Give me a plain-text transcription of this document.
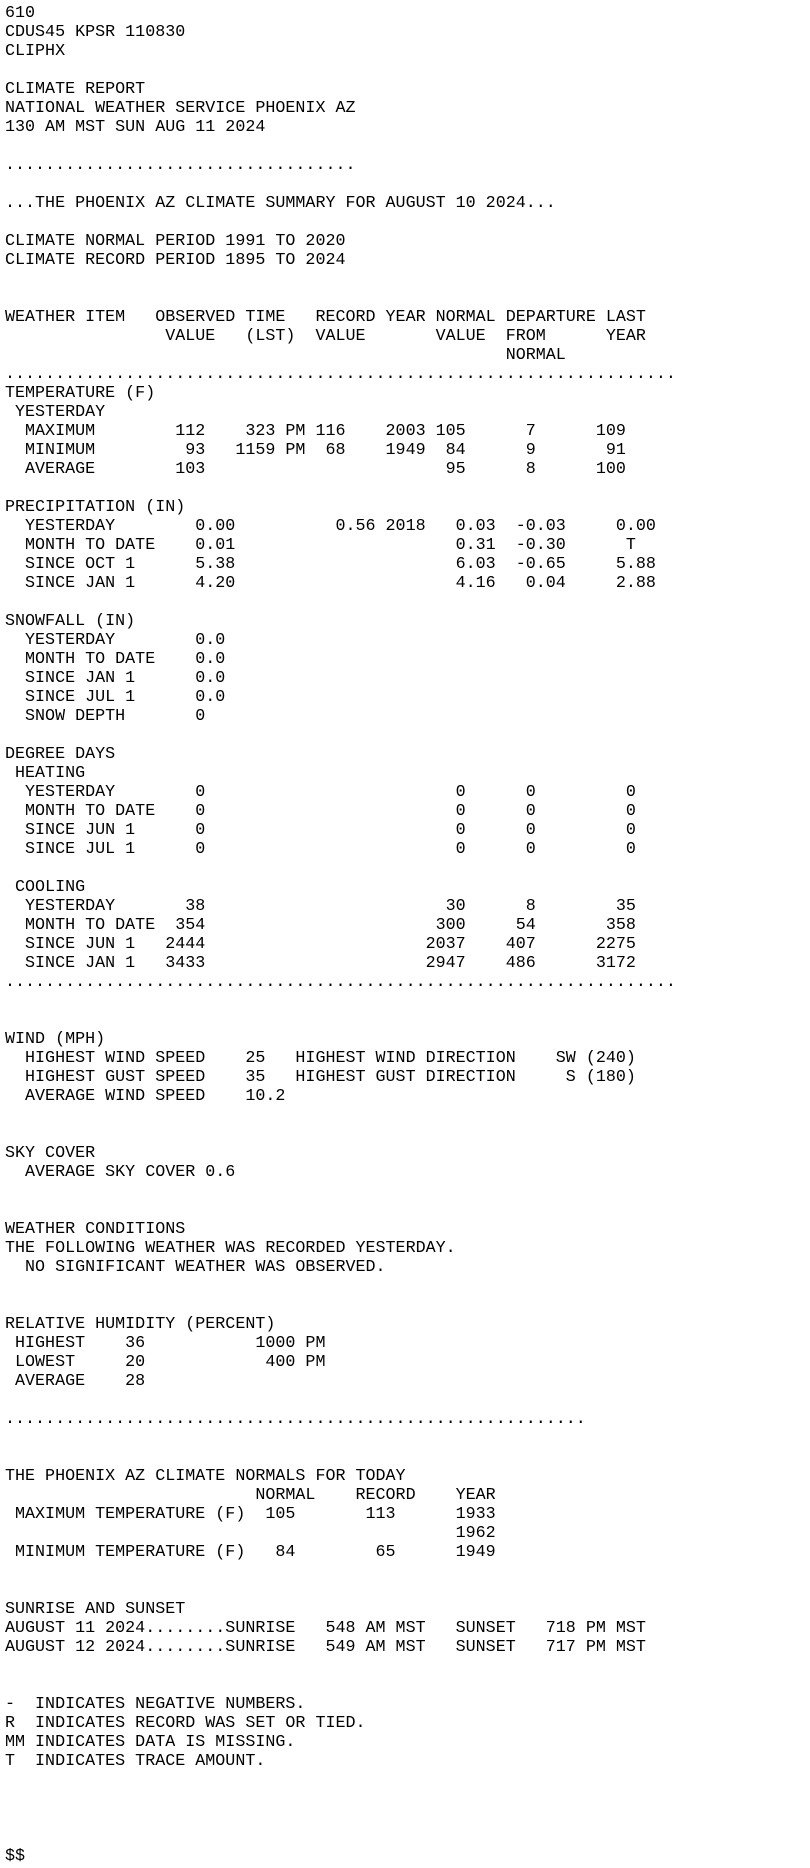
610
CDUS45 KPSR 110830
CLIPHX
CLIMATE REPORT
NATIONAL WEATHER SERVICE PHOENIX AZ
130 AM MST SUN AUG 11 2024
...................................
...THE PHOENIX AZ CLIMATE SUMMARY FOR AUGUST 10 2024...
CLIMATE NORMAL PERIOD 1991 TO 2020
CLIMATE RECORD PERIOD 1895 TO 2024
WEATHER ITEM   OBSERVED TIME   RECORD YEAR NORMAL DEPARTURE LAST
VALUE   (LST)  VALUE       VALUE  FROM      YEAR
NORMAL
...................................................................
TEMPERATURE (F)
YESTERDAY
MAXIMUM        112    323 PM 116    2003 105      7      109
MINIMUM         93   1159 PM  68    1949  84      9       91
AVERAGE        103                        95      8      100
PRECIPITATION (IN)
YESTERDAY        0.00          0.56 2018   0.03  -0.03     0.00
MONTH TO DATE    0.01                      0.31  -0.30      T
SINCE OCT 1      5.38                      6.03  -0.65     5.88
SINCE JAN 1      4.20                      4.16   0.04     2.88
SNOWFALL (IN)
YESTERDAY        0.0
MONTH TO DATE    0.0
SINCE JAN 1      0.0
SINCE JUL 1      0.0
SNOW DEPTH       0
DEGREE DAYS
HEATING
YESTERDAY        0                         0      0         0
MONTH TO DATE    0                         0      0         0
SINCE JUN 1      0                         0      0         0
SINCE JUL 1      0                         0      0         0
COOLING
YESTERDAY       38                        30      8        35
MONTH TO DATE  354                       300     54       358
SINCE JUN 1   2444                      2037    407      2275
SINCE JAN 1   3433                      2947    486      3172
...................................................................
WIND (MPH)
HIGHEST WIND SPEED    25   HIGHEST WIND DIRECTION    SW (240)
HIGHEST GUST SPEED    35   HIGHEST GUST DIRECTION     S (180)
AVERAGE WIND SPEED    10.2
SKY COVER
AVERAGE SKY COVER 0.6
WEATHER CONDITIONS
THE FOLLOWING WEATHER WAS RECORDED YESTERDAY.
NO SIGNIFICANT WEATHER WAS OBSERVED.
RELATIVE HUMIDITY (PERCENT)
HIGHEST    36           1000 PM
LOWEST     20            400 PM
AVERAGE    28
..........................................................
THE PHOENIX AZ CLIMATE NORMALS FOR TODAY
NORMAL    RECORD    YEAR
MAXIMUM TEMPERATURE (F)  105       113      1933
1962
MINIMUM TEMPERATURE (F)   84        65      1949
SUNRISE AND SUNSET
AUGUST 11 2024........SUNRISE   548 AM MST   SUNSET   718 PM MST
AUGUST 12 2024........SUNRISE   549 AM MST   SUNSET   717 PM MST
-  INDICATES NEGATIVE NUMBERS.
R  INDICATES RECORD WAS SET OR TIED.
MM INDICATES DATA IS MISSING.
T  INDICATES TRACE AMOUNT.
$$
